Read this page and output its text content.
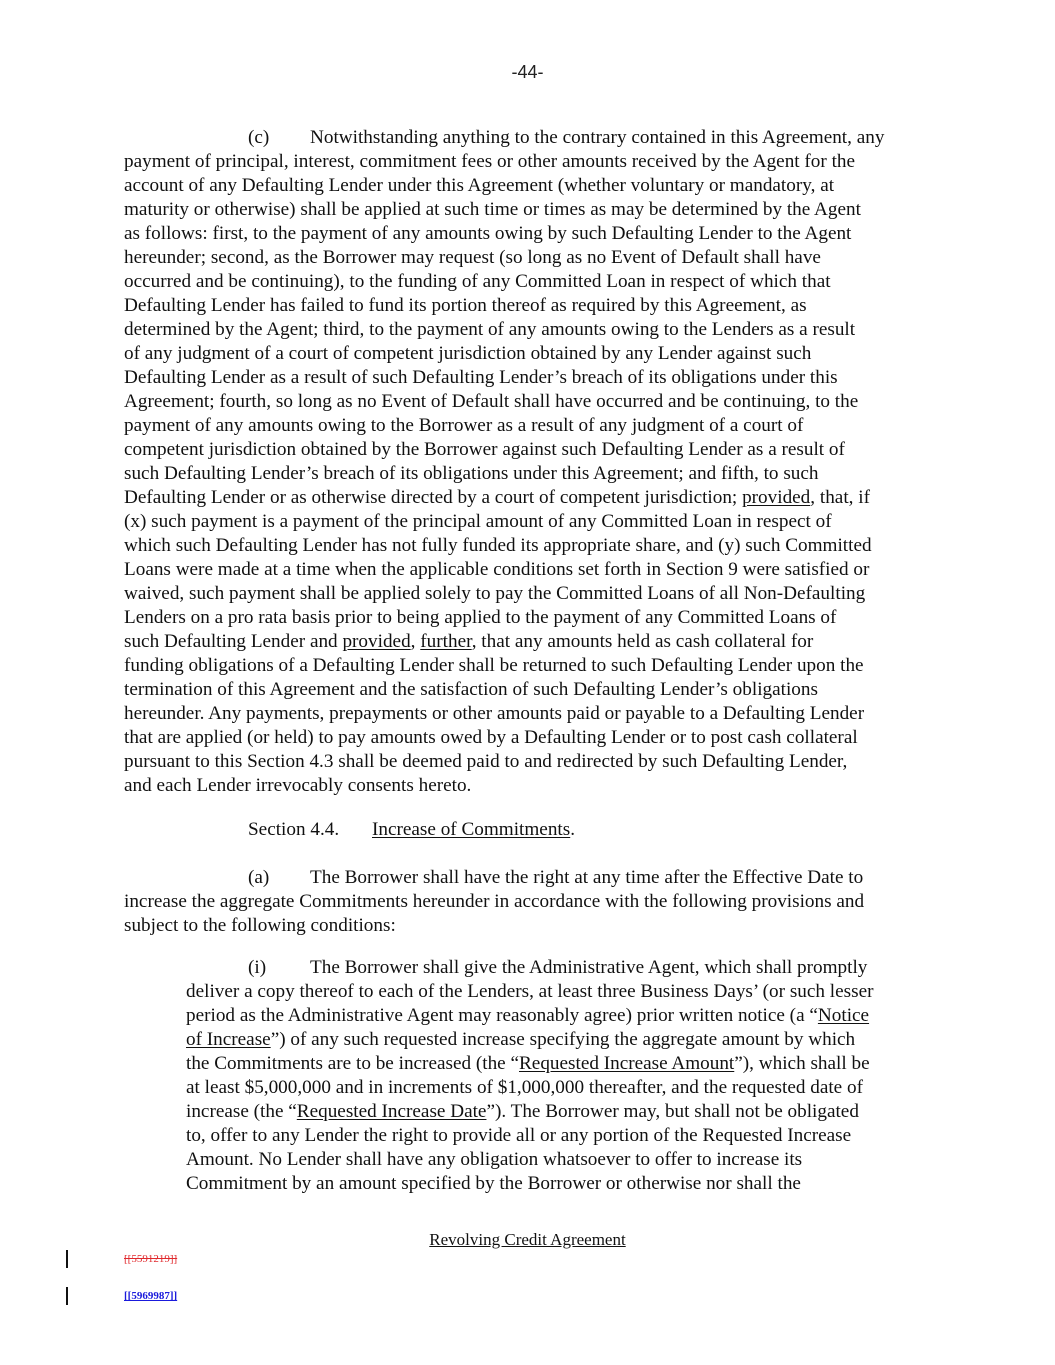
-44-
(c) Notwithstanding anything to the contrary contained in this Agreement, any
payment of principal, interest, commitment fees or other amounts received by the Agent for the
account of any Defaulting Lender under this Agreement (whether voluntary or mandatory, at
maturity or otherwise) shall be applied at such time or times as may be determined by the Agent
as follows: first, to the payment of any amounts owing by such Defaulting Lender to the Agent
hereunder; second, as the Borrower may request (so long as no Event of Default shall have
occurred and be continuing), to the funding of any Committed Loan in respect of which that
Defaulting Lender has failed to fund its portion thereof as required by this Agreement, as
determined by the Agent; third, to the payment of any amounts owing to the Lenders as a result
of any judgment of a court of competent jurisdiction obtained by any Lender against such
Defaulting Lender as a result of such Defaulting Lender’s breach of its obligations under this
Agreement; fourth, so long as no Event of Default shall have occurred and be continuing, to the
payment of any amounts owing to the Borrower as a result of any judgment of a court of
competent jurisdiction obtained by the Borrower against such Defaulting Lender as a result of
such Defaulting Lender’s breach of its obligations under this Agreement; and fifth, to such
Defaulting Lender or as otherwise directed by a court of competent jurisdiction; provided, that, if
(x) such payment is a payment of the principal amount of any Committed Loan in respect of
which such Defaulting Lender has not fully funded its appropriate share, and (y) such Committed
Loans were made at a time when the applicable conditions set forth in Section 9 were satisfied or
waived, such payment shall be applied solely to pay the Committed Loans of all Non-Defaulting
Lenders on a pro rata basis prior to being applied to the payment of any Committed Loans of
such Defaulting Lender and provided, further, that any amounts held as cash collateral for
funding obligations of a Defaulting Lender shall be returned to such Defaulting Lender upon the
termination of this Agreement and the satisfaction of such Defaulting Lender’s obligations
hereunder. Any payments, prepayments or other amounts paid or payable to a Defaulting Lender
that are applied (or held) to pay amounts owed by a Defaulting Lender or to post cash collateral
pursuant to this Section 4.3 shall be deemed paid to and redirected by such Defaulting Lender,
and each Lender irrevocably consents hereto.
Section 4.4. Increase of Commitments.
(a) The Borrower shall have the right at any time after the Effective Date to
increase the aggregate Commitments hereunder in accordance with the following provisions and
subject to the following conditions:
(i) The Borrower shall give the Administrative Agent, which shall promptly
deliver a copy thereof to each of the Lenders, at least three Business Days’ (or such lesser
period as the Administrative Agent may reasonably agree) prior written notice (a “Notice
of Increase”) of any such requested increase specifying the aggregate amount by which
the Commitments are to be increased (the “Requested Increase Amount”), which shall be
at least $5,000,000 and in increments of $1,000,000 thereafter, and the requested date of
increase (the “Requested Increase Date”). The Borrower may, but shall not be obligated
to, offer to any Lender the right to provide all or any portion of the Requested Increase
Amount. No Lender shall have any obligation whatsoever to offer to increase its
Commitment by an amount specified by the Borrower or otherwise nor shall the
Revolving Credit Agreement
[[5591219]]
[[5969987]]
